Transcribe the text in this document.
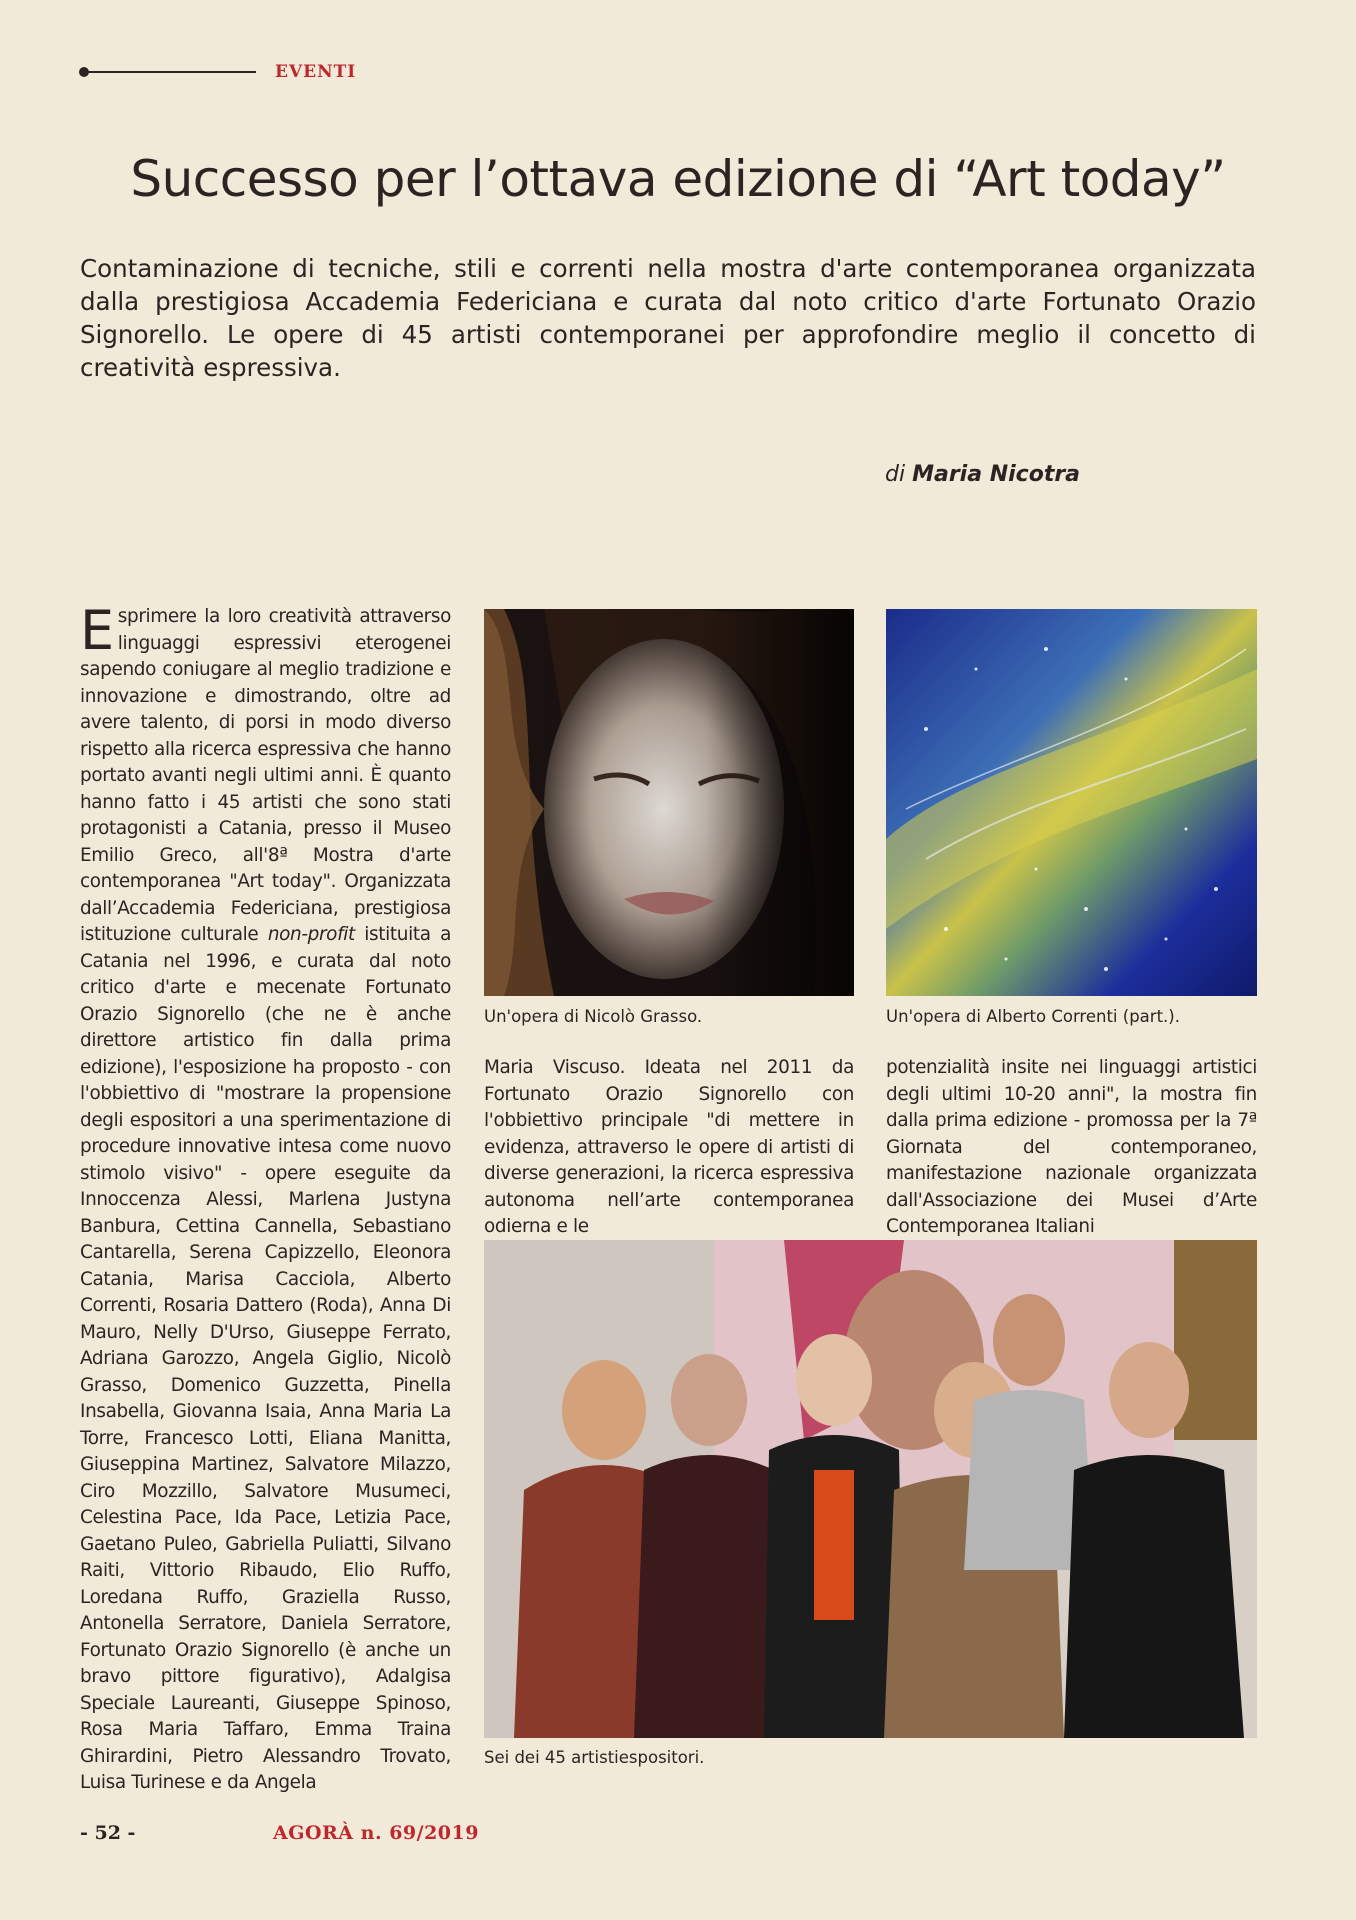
EVENTI
Successo per l’ottava edizione di “Art today”
Contaminazione di tecniche, stili e correnti nella mostra d'arte contemporanea organizzata dalla prestigiosa Accademia Federiciana e curata dal noto critico d'arte Fortunato Orazio Signorello. Le opere di 45 artisti contemporanei per approfondire meglio il concetto di creatività espressiva.
di Maria Nicotra
Esprimere la loro creatività attraverso linguaggi espressivi eterogenei sapendo coniugare al meglio tradizione e innovazione e dimostrando, oltre ad avere talento, di porsi in modo diverso rispetto alla ricerca espressiva che hanno portato avanti negli ultimi anni. È quanto hanno fatto i 45 artisti che sono stati protagonisti a Catania, presso il Museo Emilio Greco, all'8ª Mostra d'arte contemporanea "Art today". Organizzata dall’Accademia Federiciana, prestigiosa istituzione culturale non-profit istituita a Catania nel 1996, e curata dal noto critico d'arte e mecenate Fortunato Orazio Signorello (che ne è anche direttore artistico fin dalla prima edizione), l'esposizione ha proposto - con l'obbiettivo di "mostrare la propensione degli espositori a una sperimentazione di procedure innovative intesa come nuovo stimolo visivo" - opere eseguite da Innoccenza Alessi, Marlena Justyna Banbura, Cettina Cannella, Sebastiano Cantarella, Serena Capizzello, Eleonora Catania, Marisa Cacciola, Alberto Correnti, Rosaria Dattero (Roda), Anna Di Mauro, Nelly D'Urso, Giuseppe Ferrato, Adriana Garozzo, Angela Giglio, Nicolò Grasso, Domenico Guzzetta, Pinella Insabella, Giovanna Isaia, Anna Maria La Torre, Francesco Lotti, Eliana Manitta, Giuseppina Martinez, Salvatore Milazzo, Ciro Mozzillo, Salvatore Musumeci, Celestina Pace, Ida Pace, Letizia Pace, Gaetano Puleo, Gabriella Puliatti, Silvano Raiti, Vittorio Ribaudo, Elio Ruffo, Loredana Ruffo, Graziella Russo, Antonella Serratore, Daniela Serratore, Fortunato Orazio Signorello (è anche un bravo pittore figurativo), Adalgisa Speciale Laureanti, Giuseppe Spinoso, Rosa Maria Taffaro, Emma Traina Ghirardini, Pietro Alessandro Trovato, Luisa Turinese e da Angela
Un'opera di Nicolò Grasso.	Un'opera di Alberto Correnti (part.).
Maria Viscuso. Ideata nel 2011 da Fortunato Orazio Signorello con l'obbiettivo principale "di mettere in evidenza, attraverso le opere di artisti di diverse generazioni, la ricerca espressiva autonoma nell’arte contemporanea odierna e le
potenzialità insite nei linguaggi artistici degli ultimi 10-20 anni", la mostra fin dalla prima edizione - promossa per la 7ª Giornata del contemporaneo, manifestazione nazionale organizzata dall'Associazione dei Musei d’Arte Contemporanea Italiani
Sei dei 45 artistiespositori.
- 52 -	AGORÀ n. 69/2019
